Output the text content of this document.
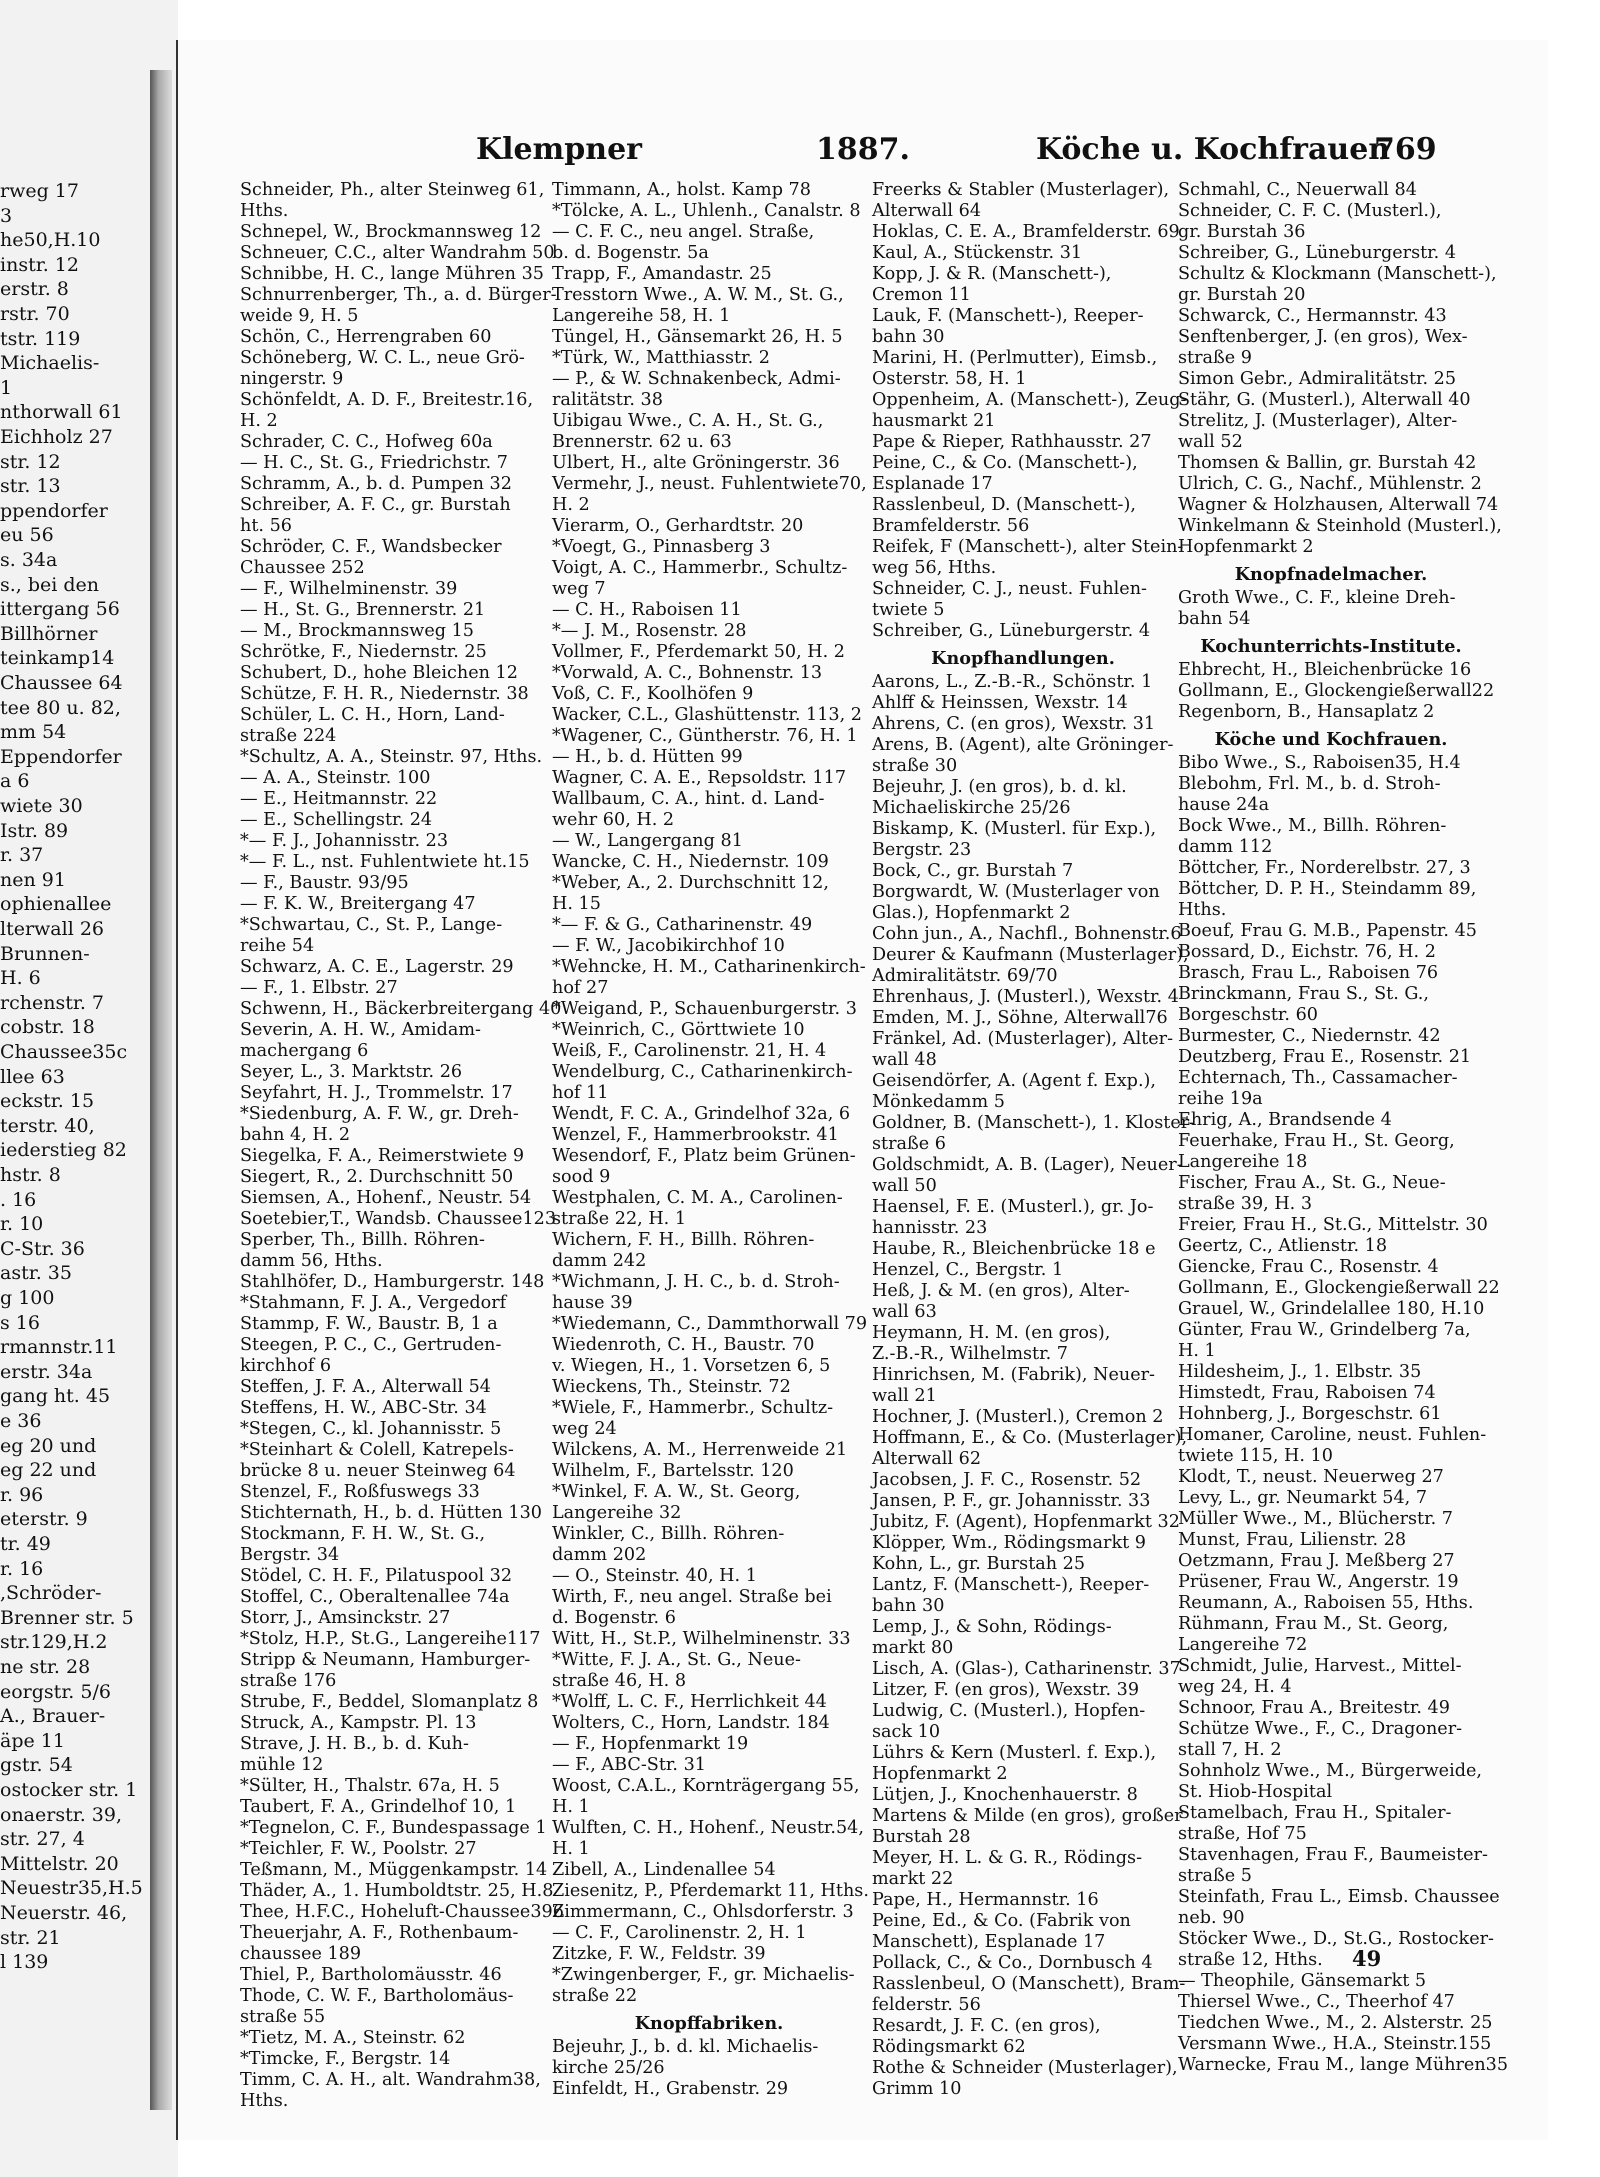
rweg 17
3
he50,H.10
instr. 12
erstr. 8
rstr. 70
tstr. 119
Michaelis-
1
nthorwall 61
Eichholz 27
str. 12
str. 13
ppendorfer
eu 56
s. 34a
s., bei den
ittergang 56
Billhörner
teinkamp14
Chaussee 64
tee 80 u. 82,
mm 54
Eppendorfer
a 6
wiete 30
Istr. 89
r. 37
nen 91
ophienallee
lterwall 26
Brunnen-
H. 6
rchenstr. 7
cobstr. 18
Chaussee35c
llee 63
eckstr. 15
terstr. 40,
iederstieg 82
hstr. 8
. 16
r. 10
C-Str. 36
astr. 35
g 100
s 16
rmannstr.11
erstr. 34a
gang ht. 45
e 36
eg 20 und
eg 22 und
r. 96
eterstr. 9
tr. 49
r. 16
,Schröder-
Brenner str. 5
str.129,H.2
ne str. 28
eorgstr. 5/6
A., Brauer-
äpe 11
gstr. 54
ostocker str. 1
onaerstr. 39,
str. 27, 4
Mittelstr. 20
Neuestr35,H.5
Neuerstr. 46,
str. 21
l 139
Klempner	1887.	Köche u. Kochfrauen
769
Schneider, Ph., alter Steinweg 61,
Hths.
Schnepel, W., Brockmannsweg 12
Schneuer, C.C., alter Wandrahm 50
Schnibbe, H. C., lange Mühren 35
Schnurrenberger, Th., a. d. Bürger-
weide 9, H. 5
Schön, C., Herrengraben 60
Schöneberg, W. C. L., neue Grö-
ningerstr. 9
Schönfeldt, A. D. F., Breitestr.16,
H. 2
Schrader, C. C., Hofweg 60a
— H. C., St. G., Friedrichstr. 7
Schramm, A., b. d. Pumpen 32
Schreiber, A. F. C., gr. Burstah
ht. 56
Schröder, C. F., Wandsbecker
Chaussee 252
— F., Wilhelminenstr. 39
— H., St. G., Brennerstr. 21
— M., Brockmannsweg 15
Schrötke, F., Niedernstr. 25
Schubert, D., hohe Bleichen 12
Schütze, F. H. R., Niedernstr. 38
Schüler, L. C. H., Horn, Land-
straße 224
*Schultz, A. A., Steinstr. 97, Hths.
— A. A., Steinstr. 100
— E., Heitmannstr. 22
— E., Schellingstr. 24
*— F. J., Johannisstr. 23
*— F. L., nst. Fuhlentwiete ht.15
— F., Baustr. 93/95
— F. K. W., Breitergang 47
*Schwartau, C., St. P., Lange-
reihe 54
Schwarz, A. C. E., Lagerstr. 29
— F., 1. Elbstr. 27
Schwenn, H., Bäckerbreitergang 40
Severin, A. H. W., Amidam-
machergang 6
Seyer, L., 3. Marktstr. 26
Seyfahrt, H. J., Trommelstr. 17
*Siedenburg, A. F. W., gr. Dreh-
bahn 4, H. 2
Siegelka, F. A., Reimerstwiete 9
Siegert, R., 2. Durchschnitt 50
Siemsen, A., Hohenf., Neustr. 54
Soetebier,T., Wandsb. Chaussee123
Sperber, Th., Billh. Röhren-
damm 56, Hths.
Stahlhöfer, D., Hamburgerstr. 148
*Stahmann, F. J. A., Vergedorf
Stammp, F. W., Baustr. B, 1 a
Steegen, P. C., C., Gertruden-
kirchhof 6
Steffen, J. F. A., Alterwall 54
Steffens, H. W., ABC-Str. 34
*Stegen, C., kl. Johannisstr. 5
*Steinhart & Colell, Katrepels-
brücke 8 u. neuer Steinweg 64
Stenzel, F., Roßfuswegs 33
Stichternath, H., b. d. Hütten 130
Stockmann, F. H. W., St. G.,
Bergstr. 34
Stödel, C. H. F., Pilatuspool 32
Stoffel, C., Oberaltenallee 74a
Storr, J., Amsinckstr. 27
*Stolz, H.P., St.G., Langereihe117
Stripp & Neumann, Hamburger-
straße 176
Strube, F., Beddel, Slomanplatz 8
Struck, A., Kampstr. Pl. 13
Strave, J. H. B., b. d. Kuh-
mühle 12
*Sülter, H., Thalstr. 67a, H. 5
Taubert, F. A., Grindelhof 10, 1
*Tegnelon, C. F., Bundespassage 1
*Teichler, F. W., Poolstr. 27
Teßmann, M., Müggenkampstr. 14
Thäder, A., 1. Humboldtstr. 25, H.8
Thee, H.F.C., Hoheluft-Chaussee396
Theuerjahr, A. F., Rothenbaum-
chaussee 189
Thiel, P., Bartholomäusstr. 46
Thode, C. W. F., Bartholomäus-
straße 55
*Tietz, M. A., Steinstr. 62
*Timcke, F., Bergstr. 14
Timm, C. A. H., alt. Wandrahm38,
Hths.
Timmann, A., holst. Kamp 78
*Tölcke, A. L., Uhlenh., Canalstr. 8
— C. F. C., neu angel. Straße,
b. d. Bogenstr. 5a
Trapp, F., Amandastr. 25
Tresstorn Wwe., A. W. M., St. G.,
Langereihe 58, H. 1
Tüngel, H., Gänsemarkt 26, H. 5
*Türk, W., Matthiasstr. 2
— P., & W. Schnakenbeck, Admi-
ralitätstr. 38
Uibigau Wwe., C. A. H., St. G.,
Brennerstr. 62 u. 63
Ulbert, H., alte Gröningerstr. 36
Vermehr, J., neust. Fuhlentwiete70,
H. 2
Vierarm, O., Gerhardtstr. 20
*Voegt, G., Pinnasberg 3
Voigt, A. C., Hammerbr., Schultz-
weg 7
— C. H., Raboisen 11
*— J. M., Rosenstr. 28
Vollmer, F., Pferdemarkt 50, H. 2
*Vorwald, A. C., Bohnenstr. 13
Voß, C. F., Koolhöfen 9
Wacker, C.L., Glashüttenstr. 113, 2
*Wagener, C., Güntherstr. 76, H. 1
— H., b. d. Hütten 99
Wagner, C. A. E., Repsoldstr. 117
Wallbaum, C. A., hint. d. Land-
wehr 60, H. 2
— W., Langergang 81
Wancke, C. H., Niedernstr. 109
*Weber, A., 2. Durchschnitt 12,
H. 15
*— F. & G., Catharinenstr. 49
— F. W., Jacobikirchhof 10
*Wehncke, H. M., Catharinenkirch-
hof 27
*Weigand, P., Schauenburgerstr. 3
*Weinrich, C., Görttwiete 10
Weiß, F., Carolinenstr. 21, H. 4
Wendelburg, C., Catharinenkirch-
hof 11
Wendt, F. C. A., Grindelhof 32a, 6
Wenzel, F., Hammerbrookstr. 41
Wesendorf, F., Platz beim Grünen-
sood 9
Westphalen, C. M. A., Carolinen-
straße 22, H. 1
Wichern, F. H., Billh. Röhren-
damm 242
*Wichmann, J. H. C., b. d. Stroh-
hause 39
*Wiedemann, C., Dammthorwall 79
Wiedenroth, C. H., Baustr. 70
v. Wiegen, H., 1. Vorsetzen 6, 5
Wieckens, Th., Steinstr. 72
*Wiele, F., Hammerbr., Schultz-
weg 24
Wilckens, A. M., Herrenweide 21
Wilhelm, F., Bartelsstr. 120
*Winkel, F. A. W., St. Georg,
Langereihe 32
Winkler, C., Billh. Röhren-
damm 202
— O., Steinstr. 40, H. 1
Wirth, F., neu angel. Straße bei
d. Bogenstr. 6
Witt, H., St.P., Wilhelminenstr. 33
*Witte, F. J. A., St. G., Neue-
straße 46, H. 8
*Wolff, L. C. F., Herrlichkeit 44
Wolters, C., Horn, Landstr. 184
— F., Hopfenmarkt 19
— F., ABC-Str. 31
Woost, C.A.L., Kornträgergang 55,
H. 1
Wulften, C. H., Hohenf., Neustr.54,
H. 1
Zibell, A., Lindenallee 54
Ziesenitz, P., Pferdemarkt 11, Hths.
Zimmermann, C., Ohlsdorferstr. 3
— C. F., Carolinenstr. 2, H. 1
Zitzke, F. W., Feldstr. 39
*Zwingenberger, F., gr. Michaelis-
straße 22
Knopffabriken.
Bejeuhr, J., b. d. kl. Michaelis-
kirche 25/26
Einfeldt, H., Grabenstr. 29
Freerks & Stabler (Musterlager),
Alterwall 64
Hoklas, C. E. A., Bramfelderstr. 69
Kaul, A., Stückenstr. 31
Kopp, J. & R. (Manschett-),
Cremon 11
Lauk, F. (Manschett-), Reeper-
bahn 30
Marini, H. (Perlmutter), Eimsb.,
Osterstr. 58, H. 1
Oppenheim, A. (Manschett-), Zeug-
hausmarkt 21
Pape & Rieper, Rathhausstr. 27
Peine, C., & Co. (Manschett-),
Esplanade 17
Rasslenbeul, D. (Manschett-),
Bramfelderstr. 56
Reifek, F (Manschett-), alter Stein-
weg 56, Hths.
Schneider, C. J., neust. Fuhlen-
twiete 5
Schreiber, G., Lüneburgerstr. 4
Knopfhandlungen.
Aarons, L., Z.-B.-R., Schönstr. 1
Ahlff & Heinssen, Wexstr. 14
Ahrens, C. (en gros), Wexstr. 31
Arens, B. (Agent), alte Gröninger-
straße 30
Bejeuhr, J. (en gros), b. d. kl.
Michaeliskirche 25/26
Biskamp, K. (Musterl. für Exp.),
Bergstr. 23
Bock, C., gr. Burstah 7
Borgwardt, W. (Musterlager von
Glas.), Hopfenmarkt 2
Cohn jun., A., Nachfl., Bohnenstr.6
Deurer & Kaufmann (Musterlager),
Admiralitätstr. 69/70
Ehrenhaus, J. (Musterl.), Wexstr. 4
Emden, M. J., Söhne, Alterwall76
Fränkel, Ad. (Musterlager), Alter-
wall 48
Geisendörfer, A. (Agent f. Exp.),
Mönkedamm 5
Goldner, B. (Manschett-), 1. Kloster-
straße 6
Goldschmidt, A. B. (Lager), Neuer-
wall 50
Haensel, F. E. (Musterl.), gr. Jo-
hannisstr. 23
Haube, R., Bleichenbrücke 18 e
Henzel, C., Bergstr. 1
Heß, J. & M. (en gros), Alter-
wall 63
Heymann, H. M. (en gros),
Z.-B.-R., Wilhelmstr. 7
Hinrichsen, M. (Fabrik), Neuer-
wall 21
Hochner, J. (Musterl.), Cremon 2
Hoffmann, E., & Co. (Musterlager),
Alterwall 62
Jacobsen, J. F. C., Rosenstr. 52
Jansen, P. F., gr. Johannisstr. 33
Jubitz, F. (Agent), Hopfenmarkt 32
Klöpper, Wm., Rödingsmarkt 9
Kohn, L., gr. Burstah 25
Lantz, F. (Manschett-), Reeper-
bahn 30
Lemp, J., & Sohn, Rödings-
markt 80
Lisch, A. (Glas-), Catharinenstr. 37
Litzer, F. (en gros), Wexstr. 39
Ludwig, C. (Musterl.), Hopfen-
sack 10
Lührs & Kern (Musterl. f. Exp.),
Hopfenmarkt 2
Lütjen, J., Knochenhauerstr. 8
Martens & Milde (en gros), großer
Burstah 28
Meyer, H. L. & G. R., Rödings-
markt 22
Pape, H., Hermannstr. 16
Peine, Ed., & Co. (Fabrik von
Manschett), Esplanade 17
Pollack, C., & Co., Dornbusch 4
Rasslenbeul, O (Manschett), Bram-
felderstr. 56
Resardt, J. F. C. (en gros),
Rödingsmarkt 62
Rothe & Schneider (Musterlager),
Grimm 10
Schmahl, C., Neuerwall 84
Schneider, C. F. C. (Musterl.),
gr. Burstah 36
Schreiber, G., Lüneburgerstr. 4
Schultz & Klockmann (Manschett-),
gr. Burstah 20
Schwarck, C., Hermannstr. 43
Senftenberger, J. (en gros), Wex-
straße 9
Simon Gebr., Admiralitätstr. 25
Stähr, G. (Musterl.), Alterwall 40
Strelitz, J. (Musterlager), Alter-
wall 52
Thomsen & Ballin, gr. Burstah 42
Ulrich, C. G., Nachf., Mühlenstr. 2
Wagner & Holzhausen, Alterwall 74
Winkelmann & Steinhold (Musterl.),
Hopfenmarkt 2
Knopfnadelmacher.
Groth Wwe., C. F., kleine Dreh-
bahn 54
Kochunterrichts-Institute.
Ehbrecht, H., Bleichenbrücke 16
Gollmann, E., Glockengießerwall22
Regenborn, B., Hansaplatz 2
Köche und Kochfrauen.
Bibo Wwe., S., Raboisen35, H.4
Blebohm, Frl. M., b. d. Stroh-
hause 24a
Bock Wwe., M., Billh. Röhren-
damm 112
Böttcher, Fr., Norderelbstr. 27, 3
Böttcher, D. P. H., Steindamm 89,
Hths.
Boeuf, Frau G. M.B., Papenstr. 45
Bossard, D., Eichstr. 76, H. 2
Brasch, Frau L., Raboisen 76
Brinckmann, Frau S., St. G.,
Borgeschstr. 60
Burmester, C., Niedernstr. 42
Deutzberg, Frau E., Rosenstr. 21
Echternach, Th., Cassamacher-
reihe 19a
Ehrig, A., Brandsende 4
Feuerhake, Frau H., St. Georg,
Langereihe 18
Fischer, Frau A., St. G., Neue-
straße 39, H. 3
Freier, Frau H., St.G., Mittelstr. 30
Geertz, C., Atlienstr. 18
Giencke, Frau C., Rosenstr. 4
Gollmann, E., Glockengießerwall 22
Grauel, W., Grindelallee 180, H.10
Günter, Frau W., Grindelberg 7a,
H. 1
Hildesheim, J., 1. Elbstr. 35
Himstedt, Frau, Raboisen 74
Hohnberg, J., Borgeschstr. 61
Homaner, Caroline, neust. Fuhlen-
twiete 115, H. 10
Klodt, T., neust. Neuerweg 27
Levy, L., gr. Neumarkt 54, 7
Müller Wwe., M., Blücherstr. 7
Munst, Frau, Lilienstr. 28
Oetzmann, Frau J. Meßberg 27
Prüsener, Frau W., Angerstr. 19
Reumann, A., Raboisen 55, Hths.
Rühmann, Frau M., St. Georg,
Langereihe 72
Schmidt, Julie, Harvest., Mittel-
weg 24, H. 4
Schnoor, Frau A., Breitestr. 49
Schütze Wwe., F., C., Dragoner-
stall 7, H. 2
Sohnholz Wwe., M., Bürgerweide,
St. Hiob-Hospital
Stamelbach, Frau H., Spitaler-
straße, Hof 75
Stavenhagen, Frau F., Baumeister-
straße 5
Steinfath, Frau L., Eimsb. Chaussee
neb. 90
Stöcker Wwe., D., St.G., Rostocker-
straße 12, Hths.
— Theophile, Gänsemarkt 5
Thiersel Wwe., C., Theerhof 47
Tiedchen Wwe., M., 2. Alsterstr. 25
Versmann Wwe., H.A., Steinstr.155
Warnecke, Frau M., lange Mühren35
49
